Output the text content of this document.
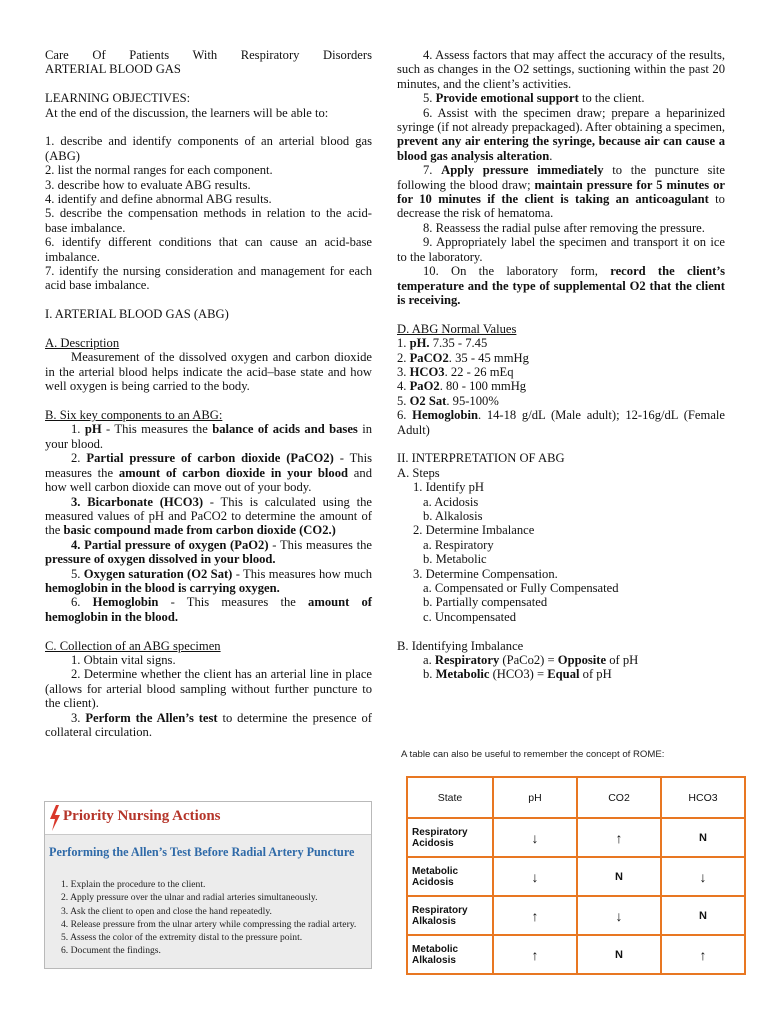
Care Of Patients With Respiratory Disorders

ARTERIAL BLOOD GAS

LEARNING OBJECTIVES:

At the end of the discussion, the learners will be able to:

1. describe and identify components of an arterial blood gas (ABG)

2. list the normal ranges for each component.

3. describe how to evaluate ABG results.

4. identify and define abnormal ABG results.

5. describe the compensation methods in relation to the acid-base imbalance.

6. identify different conditions that can cause an acid-base imbalance.

7. identify the nursing consideration and management for each acid base imbalance.

I. ARTERIAL BLOOD GAS (ABG)

A. Description

Measurement of the dissolved oxygen and carbon dioxide in the arterial blood helps indicate the acid–base state and how well oxygen is being carried to the body.

B. Six key components to an ABG:

1. pH - This measures the balance of acids and bases in your blood.

2. Partial pressure of carbon dioxide (PaCO2) - This measures the amount of carbon dioxide in your blood and how well carbon dioxide can move out of your body.

3. Bicarbonate (HCO3) - This is calculated using the measured values of pH and PaCO2 to determine the amount of the basic compound made from carbon dioxide (CO2.)

4. Partial pressure of oxygen (PaO2) - This measures the pressure of oxygen dissolved in your blood.

5. Oxygen saturation (O2 Sat) - This measures how much hemoglobin in the blood is carrying oxygen.

6. Hemoglobin - This measures the amount of hemoglobin in the blood.

C. Collection of an ABG specimen

1. Obtain vital signs.

2. Determine whether the client has an arterial line in place (allows for arterial blood sampling without further puncture to the client).

3. Perform the Allen’s test to determine the presence of collateral circulation.

Priority Nursing Actions
Performing the Allen’s Test Before Radial Artery Puncture
1. Explain the procedure to the client.
2. Apply pressure over the ulnar and radial arteries simultaneously.
3. Ask the client to open and close the hand repeatedly.
4. Release pressure from the ulnar artery while compressing the radial artery.
5. Assess the color of the extremity distal to the pressure point.
6. Document the findings.

4. Assess factors that may affect the accuracy of the results, such as changes in the O2 settings, suctioning within the past 20 minutes, and the client’s activities.

5. Provide emotional support to the client.

6. Assist with the specimen draw; prepare a heparinized syringe (if not already prepackaged). After obtaining a specimen, prevent any air entering the syringe, because air can cause a blood gas analysis alteration.

7. Apply pressure immediately to the puncture site following the blood draw; maintain pressure for 5 minutes or for 10 minutes if the client is taking an anticoagulant to decrease the risk of hematoma.

8. Reassess the radial pulse after removing the pressure.

9. Appropriately label the specimen and transport it on ice to the laboratory.

10. On the laboratory form, record the client’s temperature and the type of supplemental O2 that the client is receiving.

D. ABG Normal Values

1. pH. 7.35 - 7.45

2. PaCO2. 35 - 45 mmHg

3. HCO3. 22 - 26 mEq

4. PaO2. 80 - 100 mmHg

5. O2 Sat. 95-100%

6. Hemoglobin. 14-18 g/dL (Male adult); 12-16g/dL (Female Adult)

II. INTERPRETATION OF ABG

A. Steps

1. Identify pH

a. Acidosis

b. Alkalosis

2. Determine Imbalance

a. Respiratory

b. Metabolic

3. Determine Compensation.

a. Compensated or Fully Compensated

b. Partially compensated

c. Uncompensated

B. Identifying Imbalance

a. Respiratory (PaCo2) = Opposite of pH

b. Metabolic (HCO3) = Equal of pH

A table can also be useful to remember the concept of ROME:
State	pH	CO2	HCO3
Respiratory Acidosis	↓	↑	N
Metabolic Acidosis	↓	N	↓
Respiratory Alkalosis	↑	↓	N
Metabolic Alkalosis	↑	N	↑
